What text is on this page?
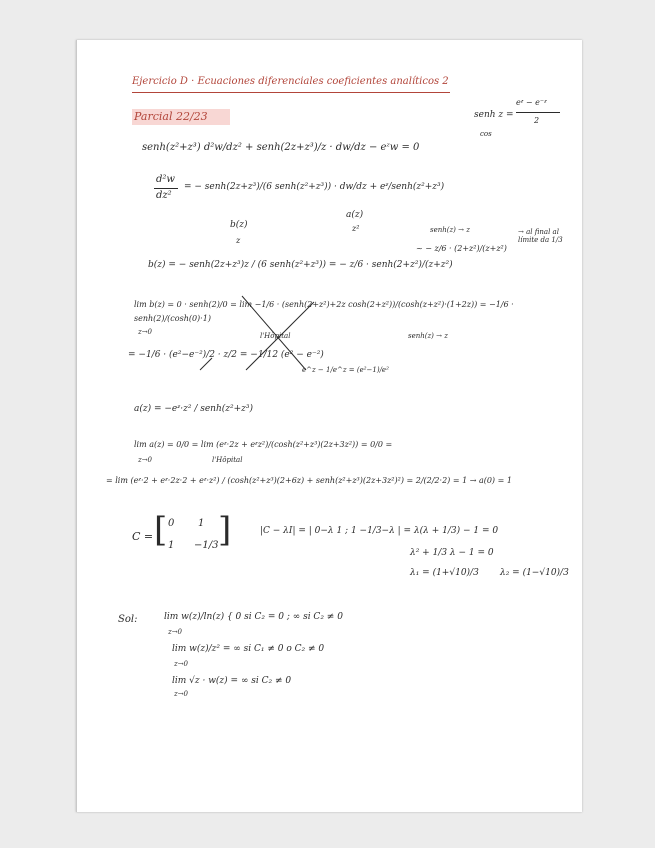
Ejercicio D · Ecuaciones diferenciales coeficientes analíticos 2
Parcial 22/23	senh z =
eᶻ − e⁻ᶻ
2
cos
senh(z²+z³) d²w/dz² + senh(2z+z³)/z · dw/dz − eᶻw = 0
d²w
dz²
= − senh(2z+z³)/(6 senh(z²+z³)) · dw/dz + eᶻ/senh(z²+z³)
a(z)
z²
b(z)
z
b(z) = − senh(2z+z³)z / (6 senh(z²+z³)) = − z/6 · senh(2+z²)/(z+z²)
~ − z/6 · (2+z²)/(z+z²)
→ al final al límite da 1/3
senh(z) → z
lim b(z) = 0 · senh(2)/0 = lim −1/6 · (senh(2+z²)+2z cosh(2+z²))/(cosh(z+z²)·(1+2z)) = −1/6 · senh(2)/(cosh(0)·1)
z→0	l'Hôpital	senh(z) → z
= −1/6 · (e²−e⁻²)/2 · z/2 = −1/12 (e² − e⁻²)
e^z − 1/e^z = (e²−1)/e²
a(z) = −eᶻ·z² / senh(z²+z³)
lim a(z) = 0/0 = lim (eᶻ·2z + eᶻz²)/(cosh(z²+z³)(2z+3z²)) = 0/0 =
z→0	l'Hôpital
= lim (eᶻ·2 + eᶻ·2z·2 + eᶻ·z²) / (cosh(z²+z³)(2+6z) + senh(z²+z³)(2z+3z²)²) = 2/(2/2·2) = 1 → a(0) = 1
C = [ 0 1
1 −1/3 ]	|C − λI| = | 0−λ 1 ; 1 −1/3−λ | = λ(λ + 1/3) − 1 = 0
λ² + 1/3 λ − 1 = 0
λ₁ = (1+√10)/3 λ₂ = (1−√10)/3
Sol:	lim w(z)/ln(z) { 0 si C₂ = 0 ; ∞ si C₂ ≠ 0
z→0
lim w(z)/z² = ∞ si C₁ ≠ 0 o C₂ ≠ 0
z→0
lim √z · w(z) = ∞ si C₂ ≠ 0
z→0
